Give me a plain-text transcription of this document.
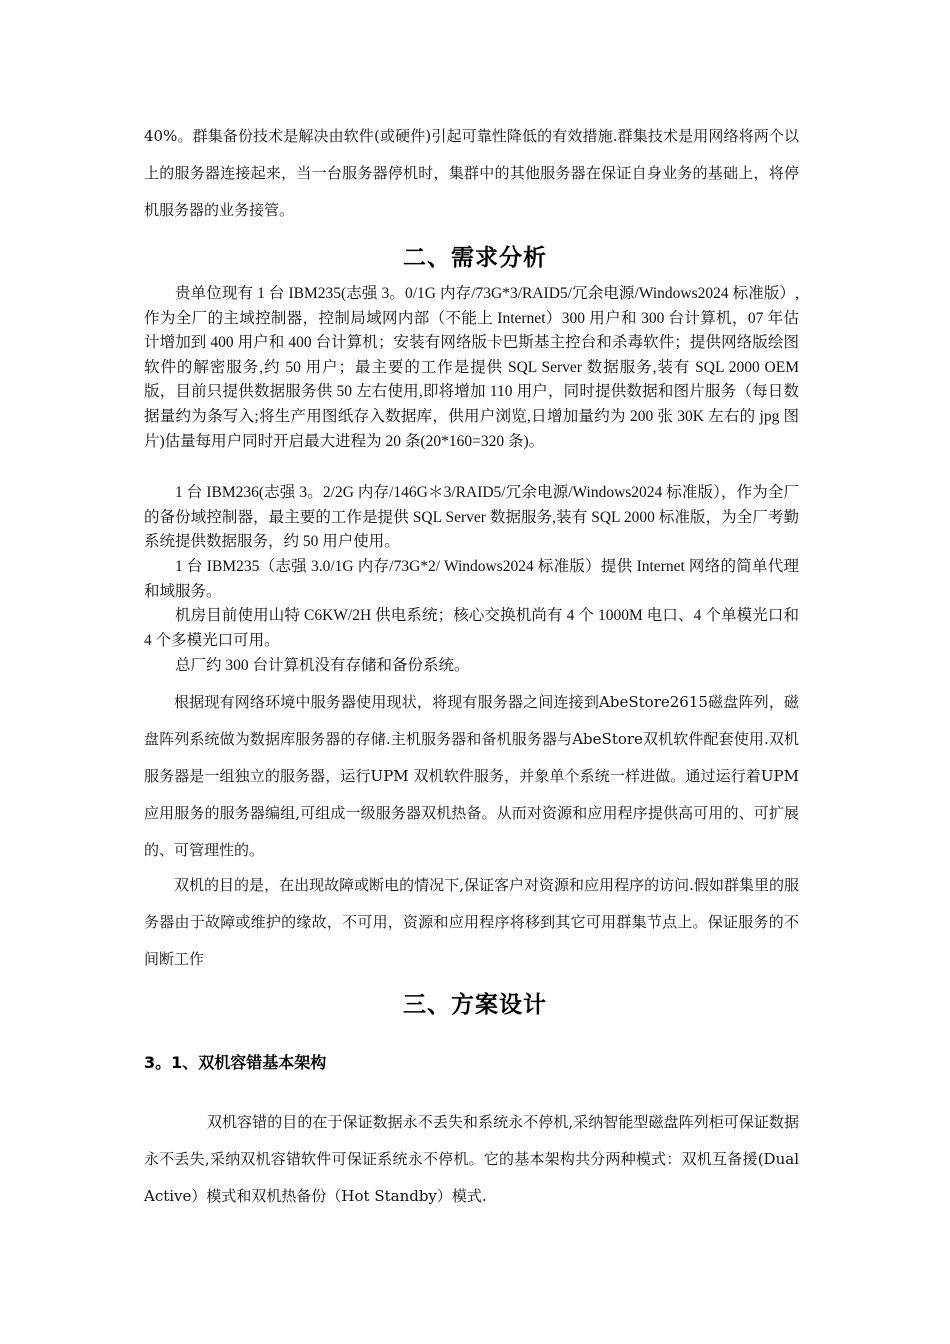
40%。群集备份技术是解决由软件(或硬件)引起可靠性降低的有效措施.群集技术是用网络将两个以上的服务器连接起来，当一台服务器停机时，集群中的其他服务器在保证自身业务的基础上，将停机服务器的业务接管。

二、需求分析

贵单位现有 1 台 IBM235(志强 3。0/1G 内存/73G*3/RAID5/冗余电源/Windows2024 标准版）,作为全厂的主域控制器，控制局域网内部（不能上 Internet）300 用户和 300 台计算机，07 年估计增加到 400 用户和 400 台计算机；安装有网络版卡巴斯基主控台和杀毒软件；提供网络版绘图软件的解密服务,约 50 用户；最主要的工作是提供 SQL Server 数据服务,装有 SQL 2000 OEM 版，目前只提供数据服务供 50 左右使用,即将增加 110 用户，同时提供数据和图片服务（每日数据量约为条写入;将生产用图纸存入数据库，供用户浏览,日增加量约为 200 张 30K 左右的 jpg 图片)估量每用户同时开启最大进程为 20 条(20*160=320 条)。

1 台 IBM236(志强 3。2/2G 内存/146G＊3/RAID5/冗余电源/Windows2024 标准版），作为全厂的备份域控制器，最主要的工作是提供 SQL Server 数据服务,装有 SQL 2000 标准版，为全厂考勤系统提供数据服务，约 50 用户使用。

1 台 IBM235（志强 3.0/1G 内存/73G*2/ Windows2024 标准版）提供 Internet 网络的简单代理和域服务。

机房目前使用山特 C6KW/2H 供电系统；核心交换机尚有 4 个 1000M 电口、4 个单模光口和 4 个多模光口可用。

总厂约 300 台计算机没有存储和备份系统。

根据现有网络环境中服务器使用现状，将现有服务器之间连接到AbeStore2615磁盘阵列，磁盘阵列系统做为数据库服务器的存储.主机服务器和备机服务器与AbeStore双机软件配套使用.双机服务器是一组独立的服务器，运行UPM 双机软件服务，并象单个系统一样进做。通过运行着UPM应用服务的服务器编组,可组成一级服务器双机热备。从而对资源和应用程序提供高可用的、可扩展的、可管理性的。

双机的目的是，在出现故障或断电的情况下,保证客户对资源和应用程序的访问.假如群集里的服务器由于故障或维护的缘故，不可用，资源和应用程序将移到其它可用群集节点上。保证服务的不间断工作

三、方案设计
3。1、双机容错基本架构

双机容错的目的在于保证数据永不丢失和系统永不停机,采纳智能型磁盘阵列柜可保证数据永不丢失,采纳双机容错软件可保证系统永不停机。它的基本架构共分两种模式：双机互备援(Dual Active）模式和双机热备份（Hot Standby）模式.
